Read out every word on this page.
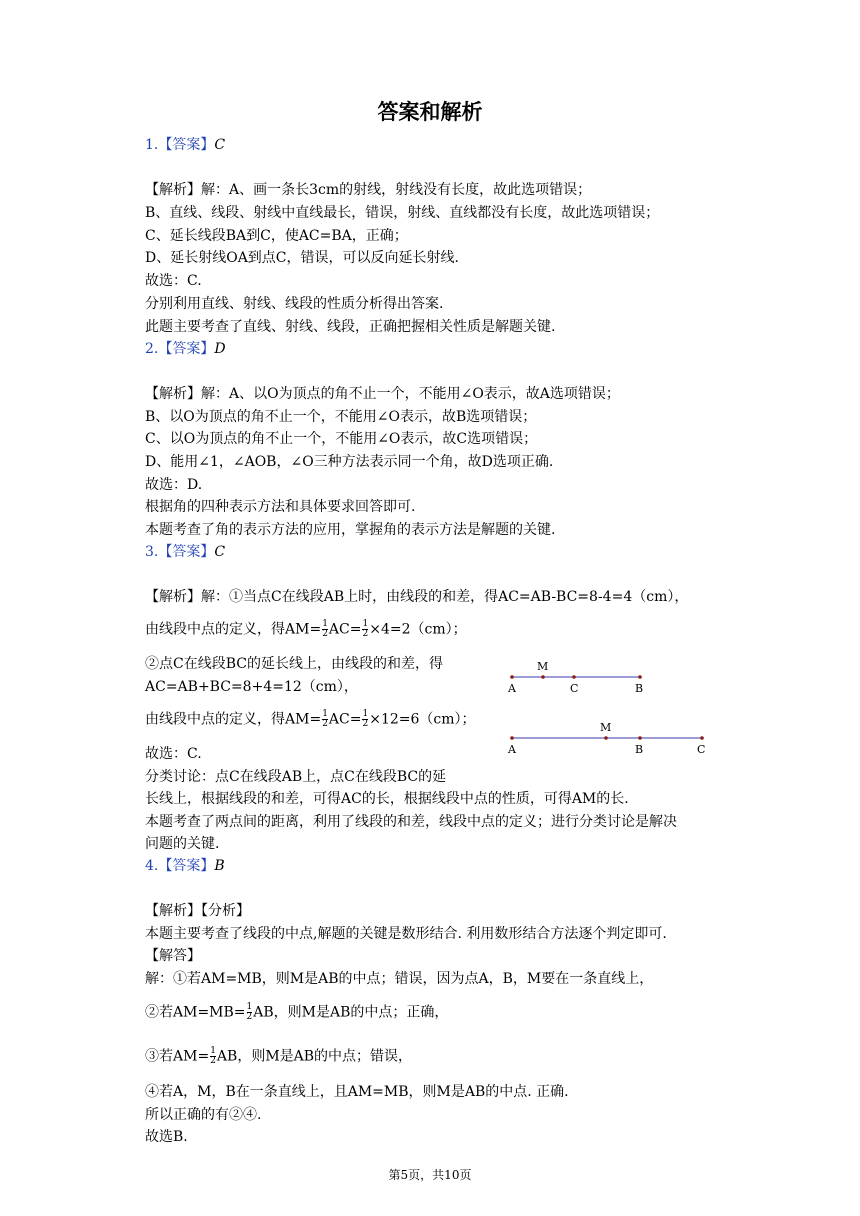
答案和解析
1.【答案】C
【解析】解：A、画一条长3cm的射线，射线没有长度，故此选项错误；
B、直线、线段、射线中直线最长，错误，射线、直线都没有长度，故此选项错误；
C、延长线段BA到C，使AC=BA，正确；
D、延长射线OA到点C，错误，可以反向延长射线.
故选：C.
分别利用直线、射线、线段的性质分析得出答案.
此题主要考查了直线、射线、线段，正确把握相关性质是解题关键.
2.【答案】D
【解析】解：A、以O为顶点的角不止一个，不能用∠O表示，故A选项错误；
B、以O为顶点的角不止一个，不能用∠O表示，故B选项错误；
C、以O为顶点的角不止一个，不能用∠O表示，故C选项错误；
D、能用∠1，∠AOB，∠O三种方法表示同一个角，故D选项正确.
故选：D.
根据角的四种表示方法和具体要求回答即可.
本题考查了角的表示方法的应用，掌握角的表示方法是解题的关键.
3.【答案】C
【解析】解：①当点C在线段AB上时，由线段的和差，得AC=AB-BC=8-4=4（cm），
由线段中点的定义，得$AM= \frac{1}{2} AC= \frac{1}{2} \times 4=2(cm)$；
②点C在线段BC的延长线上，由线段的和差，得
AC=AB+BC=8+4=12（cm），
由线段中点的定义，得$AM= \frac{1}{2} AC= \frac{1}{2} \times 12=6(cm)$；
故选：C.
分类讨论：点C在线段AB上，点C在线段BC的延
长线上，根据线段的和差，可得AC的长，根据线段中点的性质，可得AM的长.
本题考查了两点间的距离，利用了线段的和差，线段中点的定义；进行分类讨论是解决
问题的关键.
M
A	C	B
M
A	B	C
4.【答案】B
【解析】【分析】
本题主要考查了线段的中点,解题的关键是数形结合. 利用数形结合方法逐个判定即可.
【解答】
解：①若AM=MB，则M是AB的中点；错误，因为点A，B，M要在一条直线上，
②若$AM=MB= \frac{1}{2}$ AB，则M是AB的中点；正确，
③若$AM= \frac{1}{2}$ AB，则M是AB的中点；错误，
④若A，M，B在一条直线上，且AM=MB，则M是AB的中点. 正确.
所以正确的有②④.
故选B.
第5页，共10页
